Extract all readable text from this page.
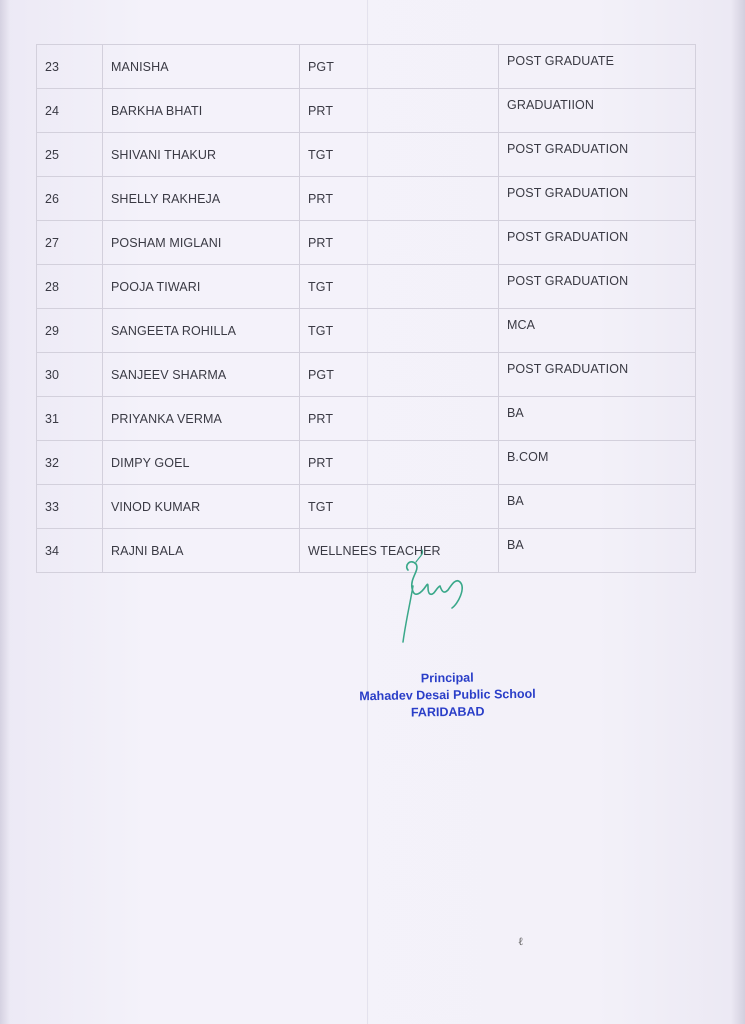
23	MANISHA	PGT	POST GRADUATE
24	BARKHA BHATI	PRT	GRADUATIION
25	SHIVANI THAKUR	TGT	POST GRADUATION
26	SHELLY RAKHEJA	PRT	POST GRADUATION
27	POSHAM MIGLANI	PRT	POST GRADUATION
28	POOJA TIWARI	TGT	POST GRADUATION
29	SANGEETA ROHILLA	TGT	MCA
30	SANJEEV SHARMA	PGT	POST GRADUATION
31	PRIYANKA VERMA	PRT	BA
32	DIMPY GOEL	PRT	B.COM
33	VINOD KUMAR	TGT	BA
34	RAJNI BALA	WELLNEES TEACHER	BA
Principal
Mahadev Desai Public School
FARIDABAD
ℓ
